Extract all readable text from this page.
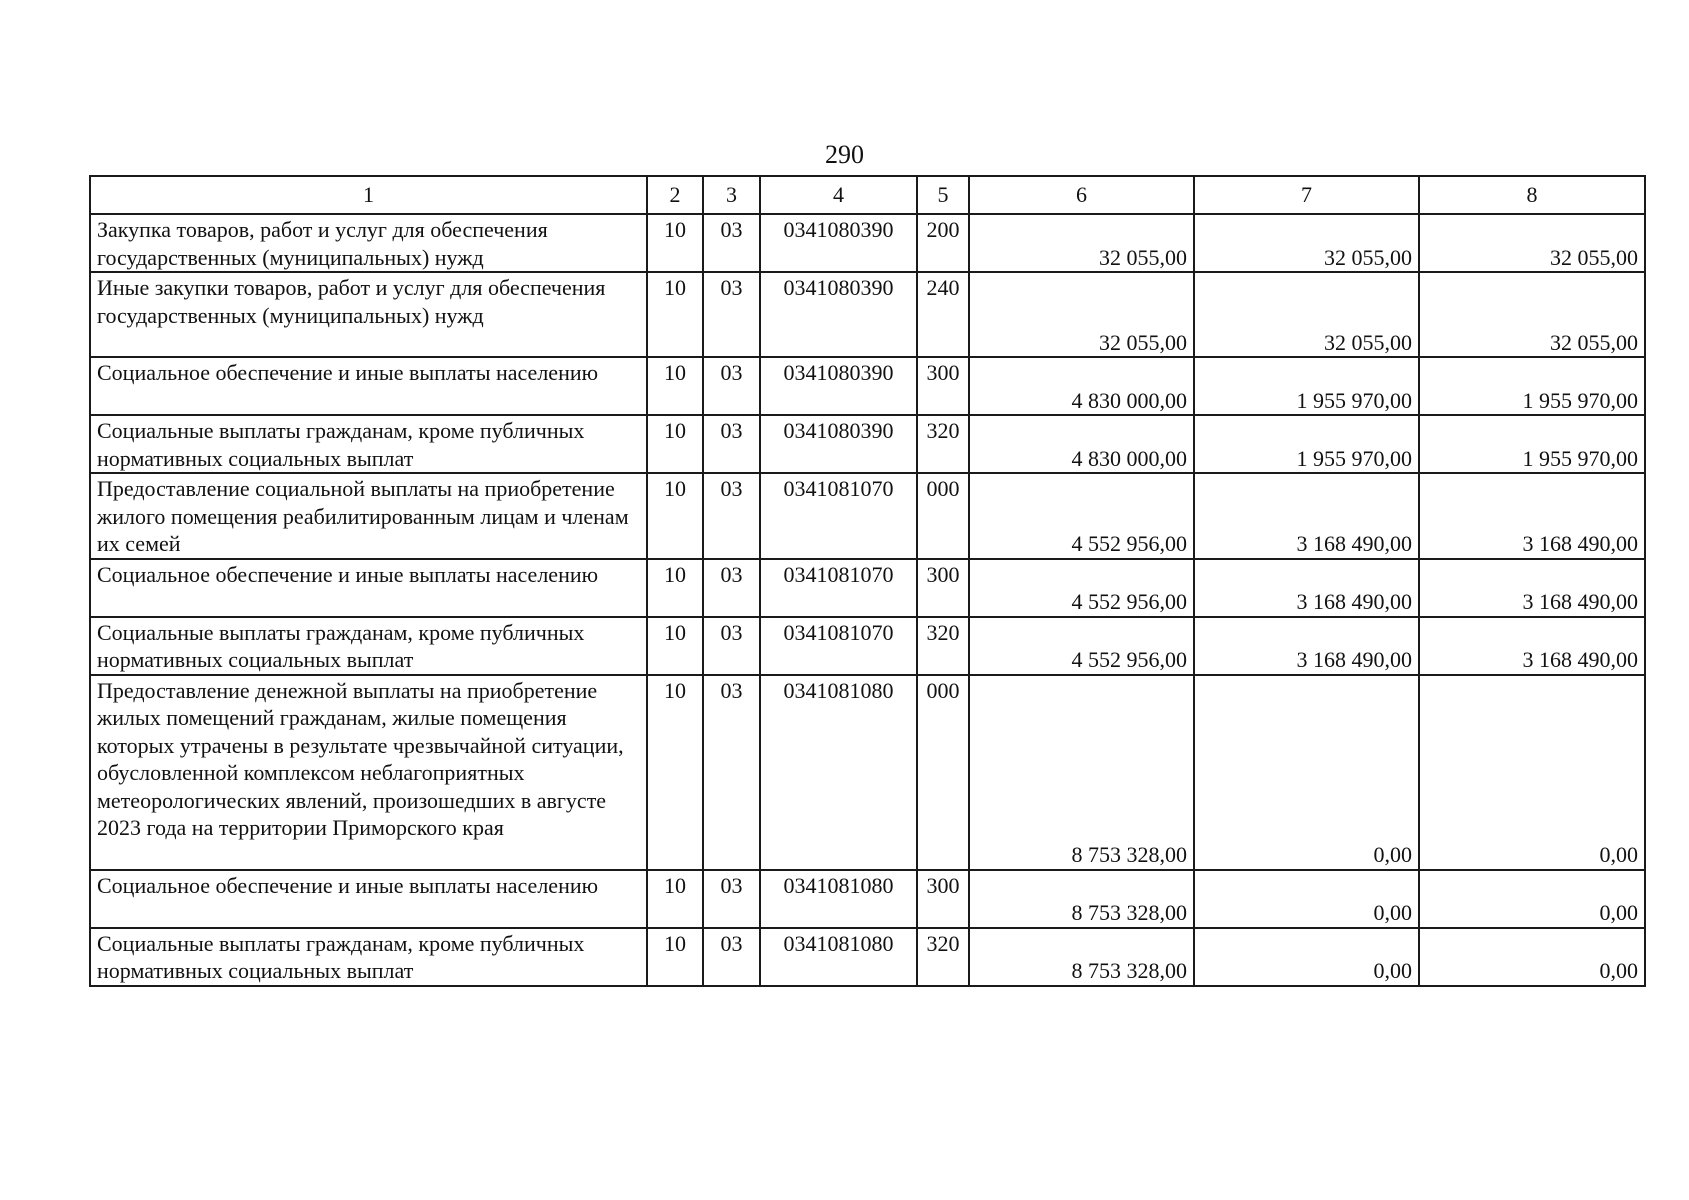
290
1	2	3	4	5	6	7	8
Закупка товаров, работ и услуг для обеспечения государственных (муниципальных) нужд	10	03	0341080390	200	32 055,00	32 055,00	32 055,00
Иные закупки товаров, работ и услуг для обеспечения государственных (муниципальных) нужд	10	03	0341080390	240	32 055,00	32 055,00	32 055,00
Социальное обеспечение и иные выплаты населению	10	03	0341080390	300	4 830 000,00	1 955 970,00	1 955 970,00
Социальные выплаты гражданам, кроме публичных нормативных социальных выплат	10	03	0341080390	320	4 830 000,00	1 955 970,00	1 955 970,00
Предоставление социальной выплаты на приобретение жилого помещения реабилитированным лицам и членам их семей	10	03	0341081070	000	4 552 956,00	3 168 490,00	3 168 490,00
Социальное обеспечение и иные выплаты населению	10	03	0341081070	300	4 552 956,00	3 168 490,00	3 168 490,00
Социальные выплаты гражданам, кроме публичных нормативных социальных выплат	10	03	0341081070	320	4 552 956,00	3 168 490,00	3 168 490,00
Предоставление денежной выплаты на приобретение жилых помещений гражданам, жилые помещения которых утрачены в результате чрезвычайной ситуации, обусловленной комплексом неблагоприятных метеорологических явлений, произошедших в августе 2023 года на территории Приморского края	10	03	0341081080	000	8 753 328,00	0,00	0,00
Социальное обеспечение и иные выплаты населению	10	03	0341081080	300	8 753 328,00	0,00	0,00
Социальные выплаты гражданам, кроме публичных нормативных социальных выплат	10	03	0341081080	320	8 753 328,00	0,00	0,00
